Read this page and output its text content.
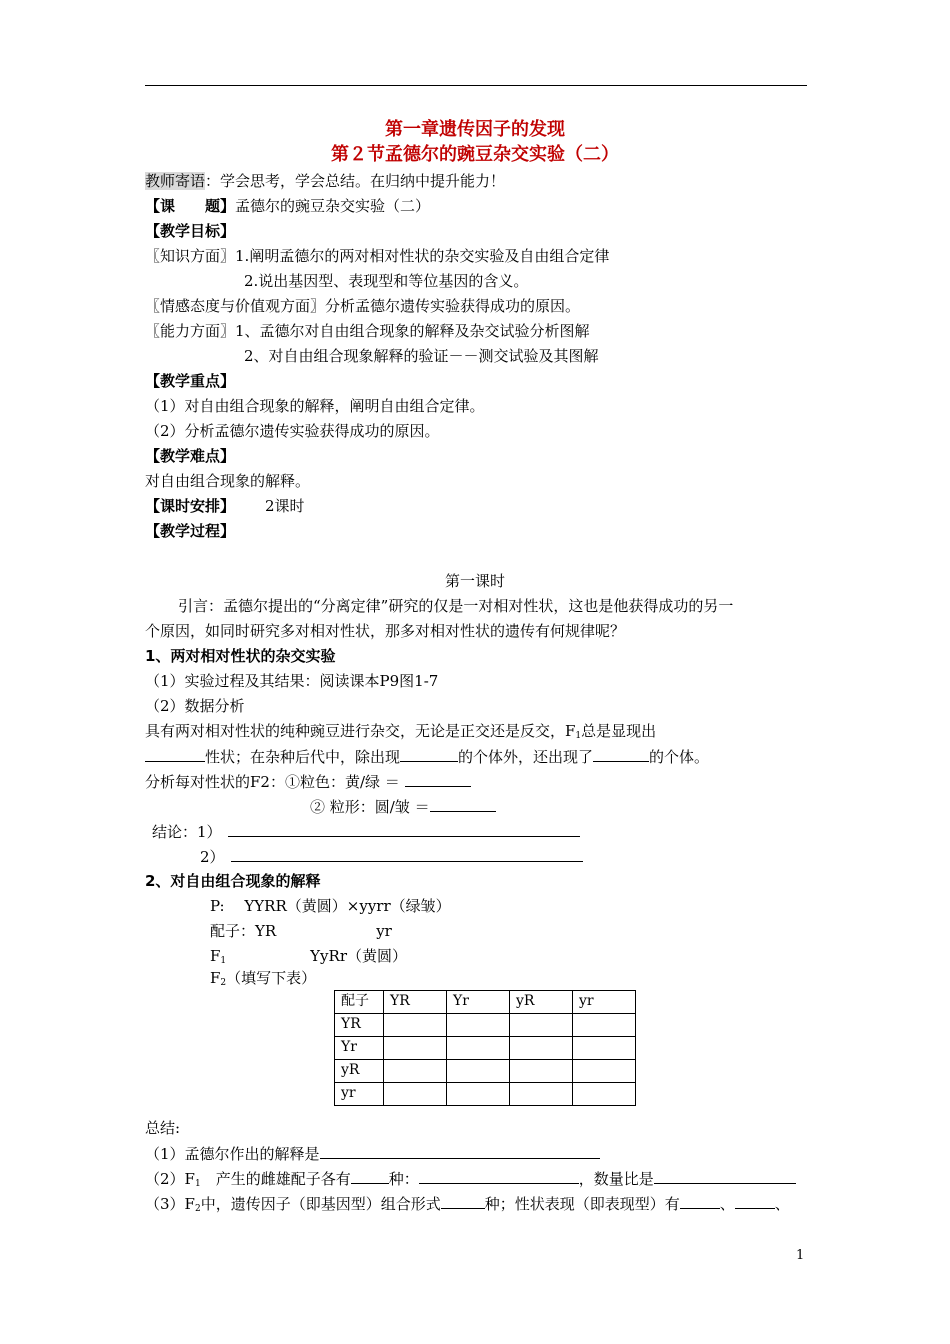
第一章遗传因子的发现
第２节孟德尔的豌豆杂交实验（二）
教师寄语：学会思考，学会总结。在归纳中提升能力！
【课　　题】孟德尔的豌豆杂交实验（二）
【教学目标】
〖知识方面〗1.阐明孟德尔的两对相对性状的杂交实验及自由组合定律
2.说出基因型、表现型和等位基因的含义。
〖情感态度与价值观方面〗分析孟德尔遗传实验获得成功的原因。
〖能力方面〗1、孟德尔对自由组合现象的解释及杂交试验分析图解
2、对自由组合现象解释的验证－－测交试验及其图解
【教学重点】
（1）对自由组合现象的解释，阐明自由组合定律。
（2）分析孟德尔遗传实验获得成功的原因。
【教学难点】
对自由组合现象的解释。
【课时安排】 2课时
【教学过程】
第一课时
引言：孟德尔提出的“分离定律”研究的仅是一对相对性状，这也是他获得成功的另一
个原因，如同时研究多对相对性状，那多对相对性状的遗传有何规律呢？
1、两对相对性状的杂交实验
（1）实验过程及其结果：阅读课本P9图1-7
（2）数据分析
具有两对相对性状的纯种豌豆进行杂交，无论是正交还是反交，$F_1$总是显现出
性状；在杂种后代中，除出现	的个体外，还出现了	的个体。
分析每对性状的F2：①粒色：黄/绿 ＝
② 粒形：圆/皱 ＝
结论：1）
2）
2、对自由组合现象的解释
P:　 YYRR（黄圆）×yyrr（绿皱）
配子：YR	yr
$F_1$	YyRr（黄圆）
$F_2$（填写下表）
配子	YR	Yr	yR	yr
YR				
Yr				
yR				
yr				
总结:
（1）孟德尔作出的解释是
$(2)F_1$　产生的雌雄配子各有	种：	，数量比是
$(3)F_2$中，遗传因子（即基因型）组合形式	种；性状表现（即表现型）有	、	、
1
